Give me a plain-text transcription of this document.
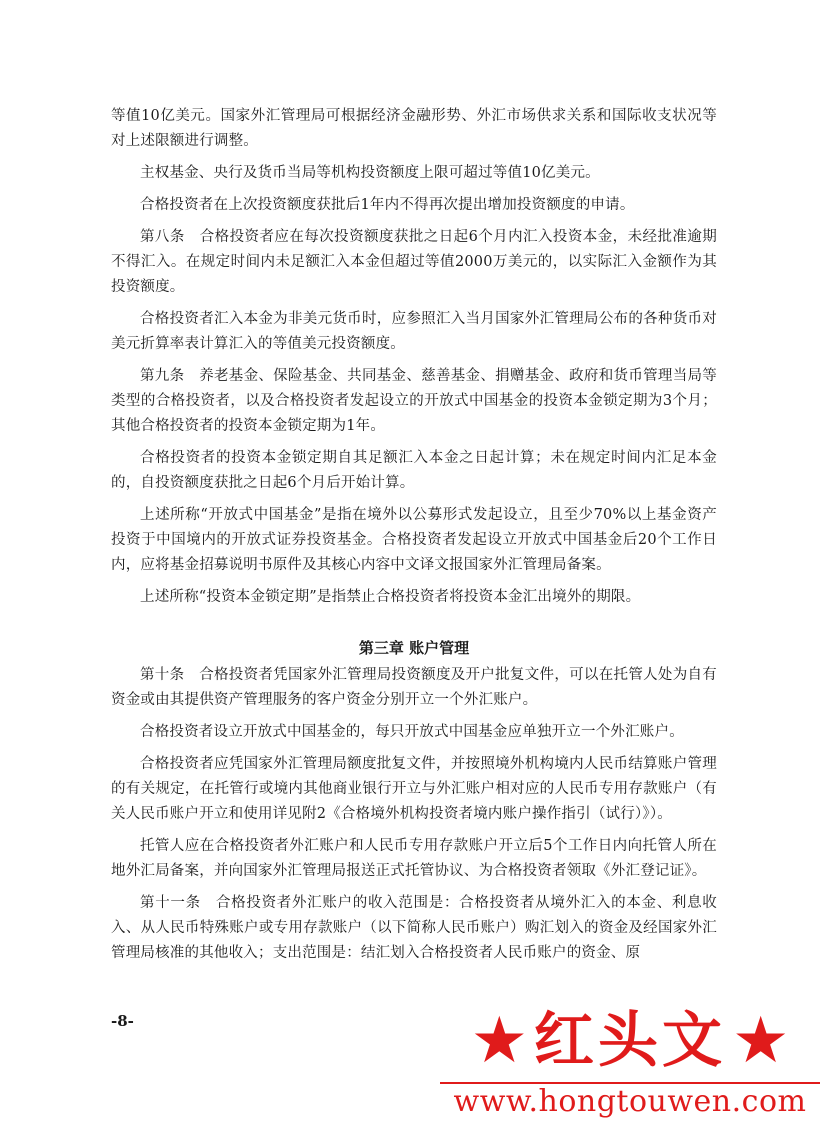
等值10亿美元。国家外汇管理局可根据经济金融形势、外汇市场供求关系和国际收支状况等对上述限额进行调整。

主权基金、央行及货币当局等机构投资额度上限可超过等值10亿美元。

合格投资者在上次投资额度获批后1年内不得再次提出增加投资额度的申请。

第八条　合格投资者应在每次投资额度获批之日起6个月内汇入投资本金，未经批准逾期不得汇入。在规定时间内未足额汇入本金但超过等值2000万美元的，以实际汇入金额作为其投资额度。

合格投资者汇入本金为非美元货币时，应参照汇入当月国家外汇管理局公布的各种货币对美元折算率表计算汇入的等值美元投资额度。

第九条　养老基金、保险基金、共同基金、慈善基金、捐赠基金、政府和货币管理当局等类型的合格投资者，以及合格投资者发起设立的开放式中国基金的投资本金锁定期为3个月；其他合格投资者的投资本金锁定期为1年。

合格投资者的投资本金锁定期自其足额汇入本金之日起计算；未在规定时间内汇足本金的，自投资额度获批之日起6个月后开始计算。

上述所称“开放式中国基金”是指在境外以公募形式发起设立，且至少70%以上基金资产投资于中国境内的开放式证券投资基金。合格投资者发起设立开放式中国基金后20个工作日内，应将基金招募说明书原件及其核心内容中文译文报国家外汇管理局备案。

上述所称“投资本金锁定期”是指禁止合格投资者将投资本金汇出境外的期限。

第三章 账户管理

第十条　合格投资者凭国家外汇管理局投资额度及开户批复文件，可以在托管人处为自有资金或由其提供资产管理服务的客户资金分别开立一个外汇账户。

合格投资者设立开放式中国基金的，每只开放式中国基金应单独开立一个外汇账户。

合格投资者应凭国家外汇管理局额度批复文件，并按照境外机构境内人民币结算账户管理的有关规定，在托管行或境内其他商业银行开立与外汇账户相对应的人民币专用存款账户（有关人民币账户开立和使用详见附2《合格境外机构投资者境内账户操作指引（试行）》）。

托管人应在合格投资者外汇账户和人民币专用存款账户开立后5个工作日内向托管人所在地外汇局备案，并向国家外汇管理局报送正式托管协议、为合格投资者领取《外汇登记证》。

第十一条　合格投资者外汇账户的收入范围是：合格投资者从境外汇入的本金、利息收入、从人民币特殊账户或专用存款账户（以下简称人民币账户）购汇划入的资金及经国家外汇管理局核准的其他收入；支出范围是：结汇划入合格投资者人民币账户的资金、原

-8-	★ 红头文 ★
www.hongtouwen.com
